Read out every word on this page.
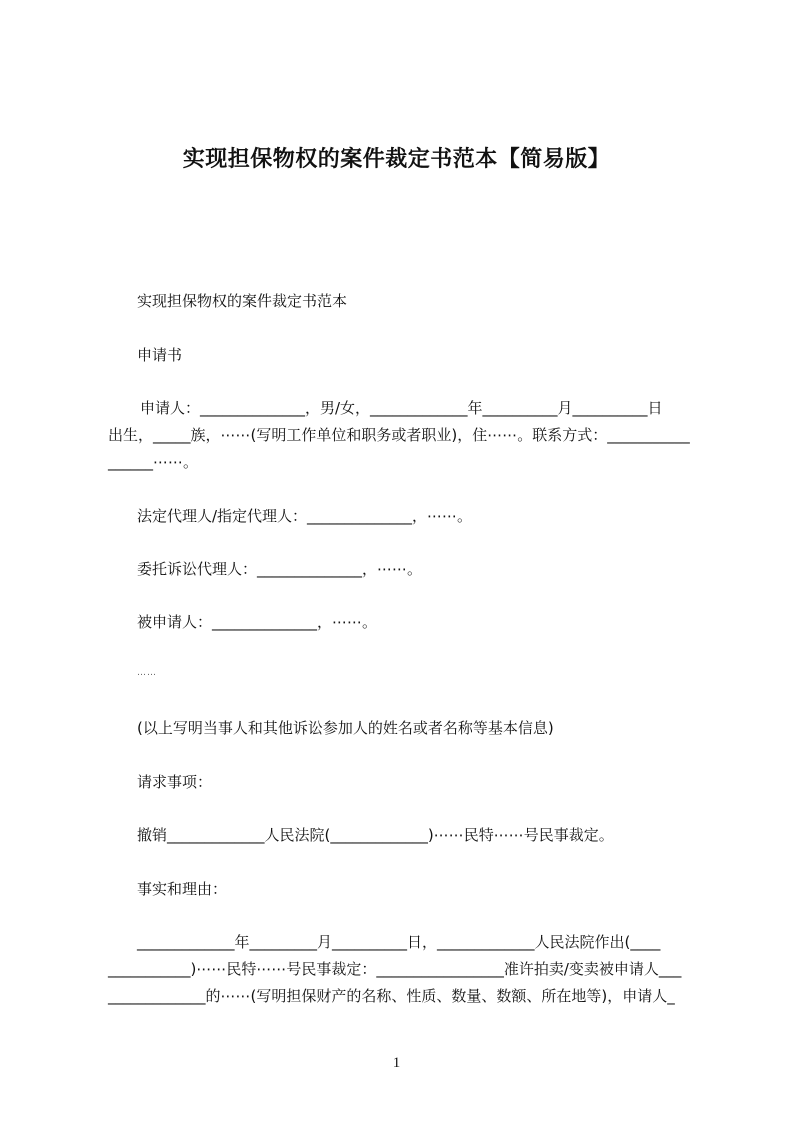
实现担保物权的案件裁定书范本【简易版】
实现担保物权的案件裁定书范本
申请书
申请人：______________，男/女，_____________年__________月__________日
出生，_____族，⋯⋯(写明工作单位和职务或者职业)，住⋯⋯。联系方式：___________
______⋯⋯。
法定代理人/指定代理人：______________，⋯⋯。
委托诉讼代理人：______________，⋯⋯。
被申请人：______________，⋯⋯。
……
(以上写明当事人和其他诉讼参加人的姓名或者名称等基本信息)
请求事项：
撤销_____________人民法院(_____________)⋯⋯民特⋯⋯号民事裁定。
事实和理由：
_____________年_________月__________日，_____________人民法院作出(____
___________)⋯⋯民特⋯⋯号民事裁定：_________________准许拍卖/变卖被申请人___
_____________的⋯⋯(写明担保财产的名称、性质、数量、数额、所在地等)，申请人_
1
